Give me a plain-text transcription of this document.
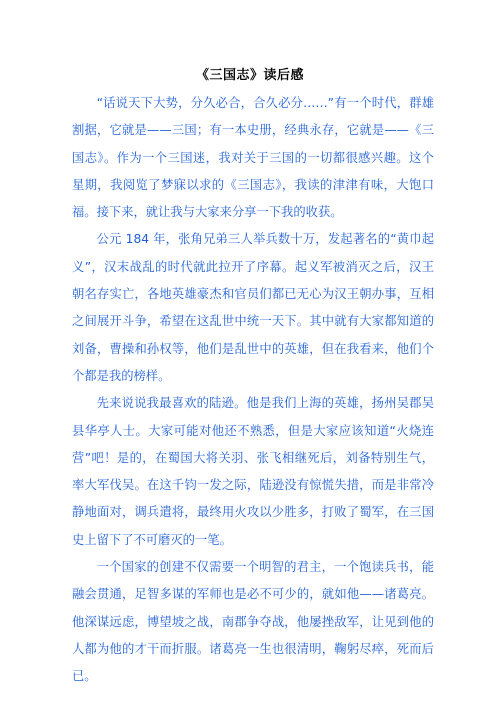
《三国志》读后感

“话说天下大势，分久必合，合久必分……”有一个时代，群雄割据，它就是——三国；有一本史册，经典永存，它就是——《三国志》。作为一个三国迷，我对关于三国的一切都很感兴趣。这个星期，我阅览了梦寐以求的《三国志》，我读的津津有味，大饱口福。接下来，就让我与大家来分享一下我的收获。

公元 184 年，张角兄弟三人举兵数十万，发起著名的“黄巾起义”，汉末战乱的时代就此拉开了序幕。起义军被消灭之后，汉王朝名存实亡，各地英雄豪杰和官员们都已无心为汉王朝办事，互相之间展开斗争，希望在这乱世中统一天下。其中就有大家都知道的刘备，曹操和孙权等，他们是乱世中的英雄，但在我看来，他们个个都是我的榜样。

先来说说我最喜欢的陆逊。他是我们上海的英雄，扬州吴郡吴县华亭人士。大家可能对他还不熟悉，但是大家应该知道“火烧连营”吧！是的，在蜀国大将关羽、张飞相继死后，刘备特别生气，率大军伐吴。在这千钧一发之际，陆逊没有惊慌失措，而是非常冷静地面对，调兵遣将，最终用火攻以少胜多，打败了蜀军，在三国史上留下了不可磨灭的一笔。

一个国家的创建不仅需要一个明智的君主，一个饱读兵书，能融会贯通，足智多谋的军师也是必不可少的，就如他——诸葛亮。他深谋远虑，博望坡之战，南郡争夺战，他屡挫敌军，让见到他的人都为他的才干而折服。诸葛亮一生也很清明，鞠躬尽瘁，死而后已。
